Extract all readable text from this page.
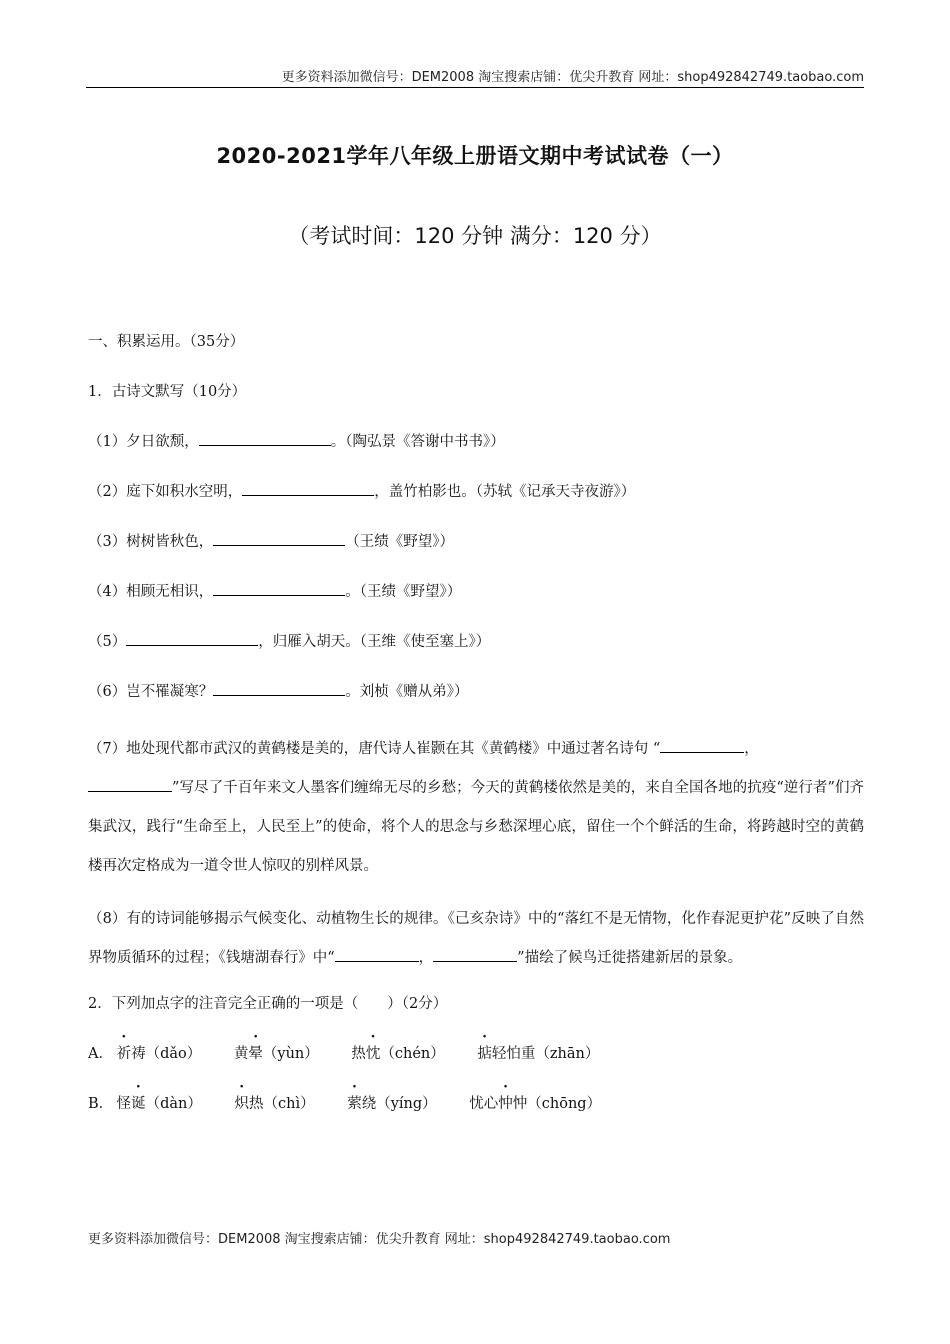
更多资料添加微信号：DEM2008 淘宝搜索店铺：优尖升教育 网址：shop492842749.taobao.com
2020-2021学年八年级上册语文期中考试试卷（一）
（考试时间：120 分钟 满分：120 分）
一、积累运用。（35分）
1．古诗文默写（10分）
（1）夕日欲颓，	。（陶弘景《答谢中书书》）
（2）庭下如积水空明，	，盖竹柏影也。（苏轼《记承天寺夜游》）
（3）树树皆秋色，	（王绩《野望》）
（4）相顾无相识，	。（王绩《野望》）
（5）	，归雁入胡天。（王维《使至塞上》）
（6）岂不罹凝寒？	。刘桢《赠从弟》）
（7）地处现代都市武汉的黄鹤楼是美的，唐代诗人崔颢在其《黄鹤楼》中通过著名诗句 “	，
”写尽了千百年来文人墨客们缠绵无尽的乡愁；今天的黄鹤楼依然是美的，来自全国各地的抗疫“逆行者”们齐集武汉，践行“生命至上，人民至上”的使命，将个人的思念与乡愁深埋心底，留住一个个鲜活的生命，将跨越时空的黄鹤楼再次定格成为一道令世人惊叹的别样风景。
（8）有的诗词能够揭示气候变化、动植物生长的规律。《己亥杂诗》中的“落红不是无情物，化作春泥更护花”反映了自然界物质循环的过程；《钱塘湖春行》中“	，	”描绘了候鸟迁徙搭建新居的景象。
2．下列加点字的注音完全正确的一项是（　　）（2分）
A． 祈祷（dǎo） 黄晕（yùn） 热忱（chén） 掂轻怕重（zhān）
B． 怪诞（dàn） 炽热（chì） 萦绕（yíng） 忧心忡忡（chōng）
更多资料添加微信号：DEM2008 淘宝搜索店铺：优尖升教育 网址：shop492842749.taobao.com
